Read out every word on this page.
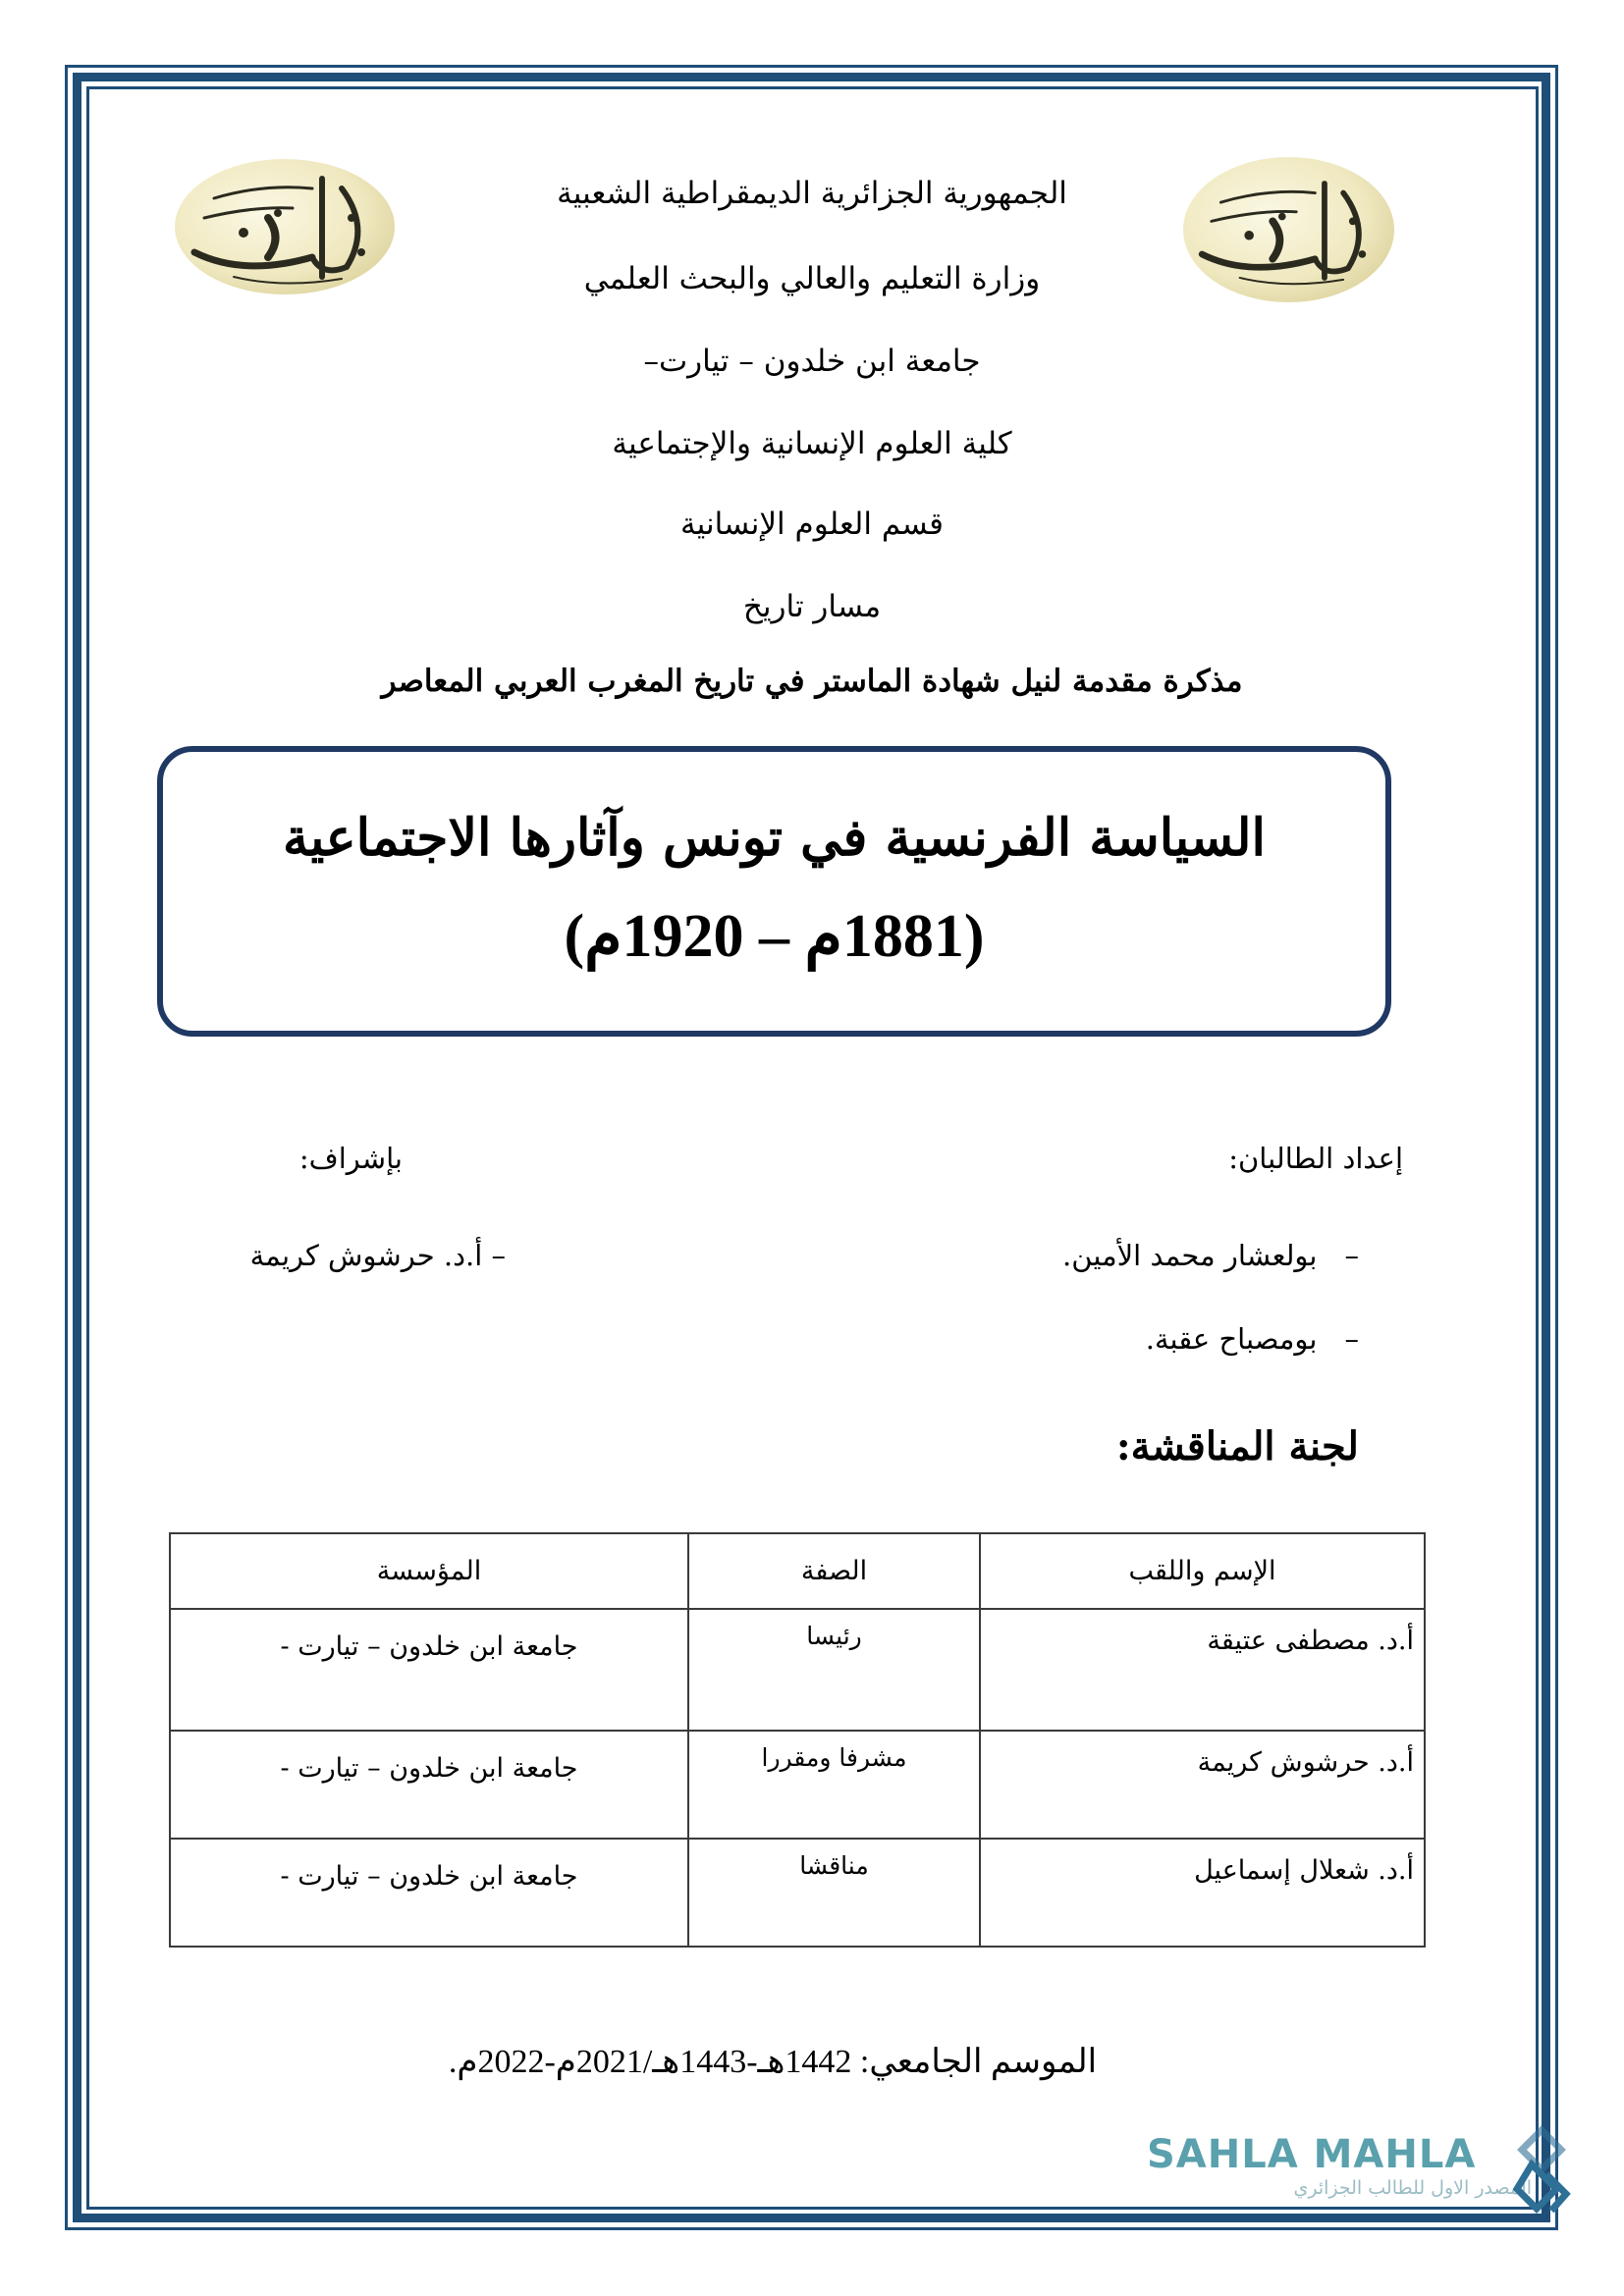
الجمهورية الجزائرية الديمقراطية الشعبية
وزارة التعليم والعالي والبحث العلمي
جامعة ابن خلدون – تيارت–
كلية العلوم الإنسانية والإجتماعية
قسم العلوم الإنسانية
مسار تاريخ
مذكرة مقدمة لنيل شهادة الماستر في تاريخ المغرب العربي المعاصر
السياسة الفرنسية في تونس وآثارها الاجتماعية
(1881م – 1920م)
إعداد الطالبان:
بإشراف:
–بولعشار محمد الأمين.
–بومصباح عقبة.
– أ.د. حرشوش كريمة
لجنة المناقشة:
الإسم واللقب	الصفة	المؤسسة
أ.د. مصطفى عتيقة	رئيسا	جامعة ابن خلدون – تيارت -
أ.د. حرشوش كريمة	مشرفا ومقررا	جامعة ابن خلدون – تيارت -
أ.د. شعلال إسماعيل	مناقشا	جامعة ابن خلدون – تيارت -
الموسم الجامعي: 1442هـ-1443هـ/2021م-2022م.
SAHLA MAHLA
المصدر الاول للطالب الجزائري
